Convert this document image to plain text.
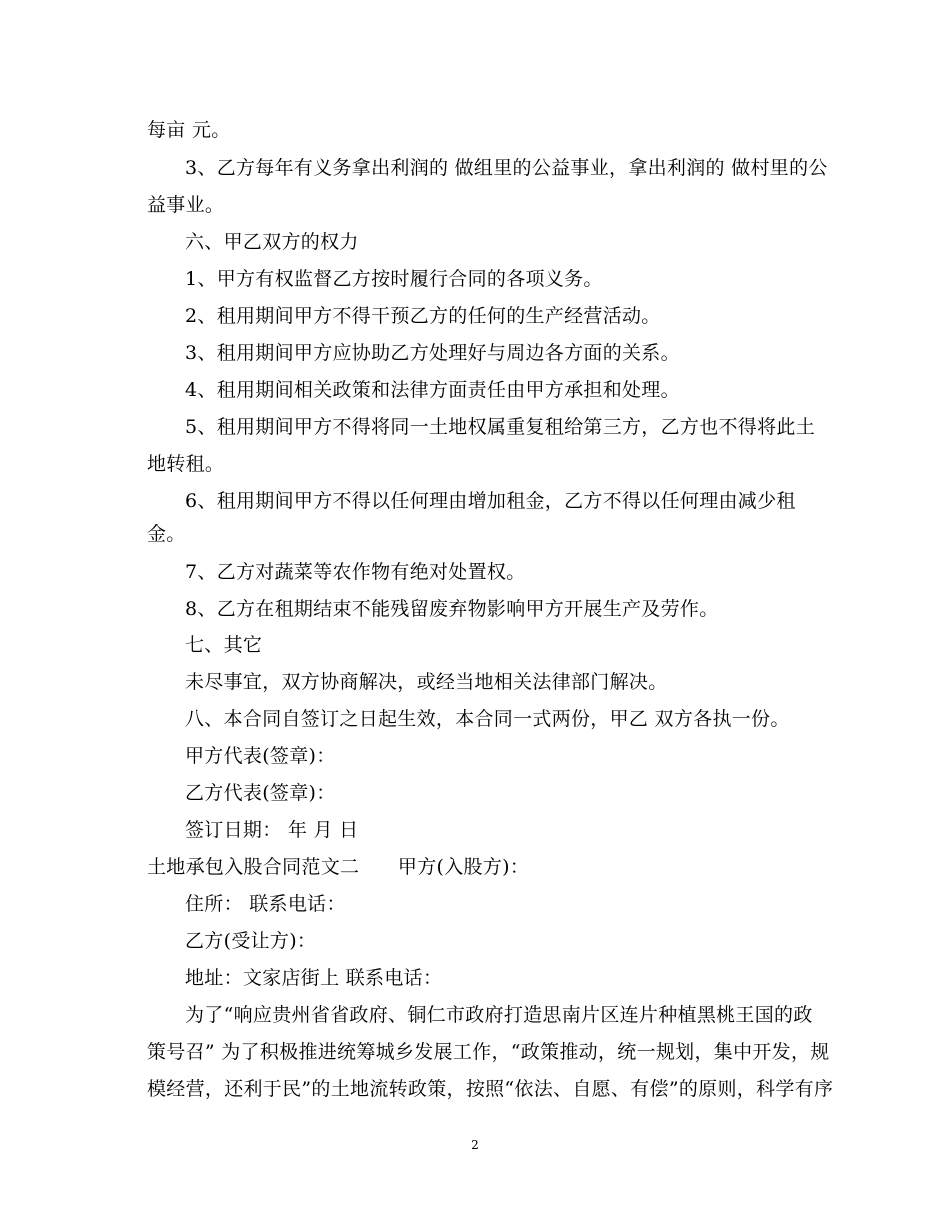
每亩 元。
3、乙方每年有义务拿出利润的 做组里的公益事业，拿出利润的 做村里的公
益事业。
六、甲乙双方的权力
1、甲方有权监督乙方按时履行合同的各项义务。
2、租用期间甲方不得干预乙方的任何的生产经营活动。
3、租用期间甲方应协助乙方处理好与周边各方面的关系。
4、租用期间相关政策和法律方面责任由甲方承担和处理。
5、租用期间甲方不得将同一土地权属重复租给第三方，乙方也不得将此土
地转租。
6、租用期间甲方不得以任何理由增加租金，乙方不得以任何理由减少租
金。
7、乙方对蔬菜等农作物有绝对处置权。
8、乙方在租期结束不能残留废弃物影响甲方开展生产及劳作。
七、其它
未尽事宜，双方协商解决，或经当地相关法律部门解决。
八、本合同自签订之日起生效，本合同一式两份，甲乙 双方各执一份。
甲方代表(签章)：
乙方代表(签章)：
签订日期： 年 月 日
土地承包入股合同范文二　　甲方(入股方)：
住所： 联系电话：
乙方(受让方)：
地址：文家店街上 联系电话：
为了“响应贵州省省政府、铜仁市政府打造思南片区连片种植黑桃王国的政
策号召” 为了积极推进统筹城乡发展工作，“政策推动，统一规划，集中开发，规
模经营，还利于民”的土地流转政策，按照“依法、自愿、有偿”的原则，科学有序
2
